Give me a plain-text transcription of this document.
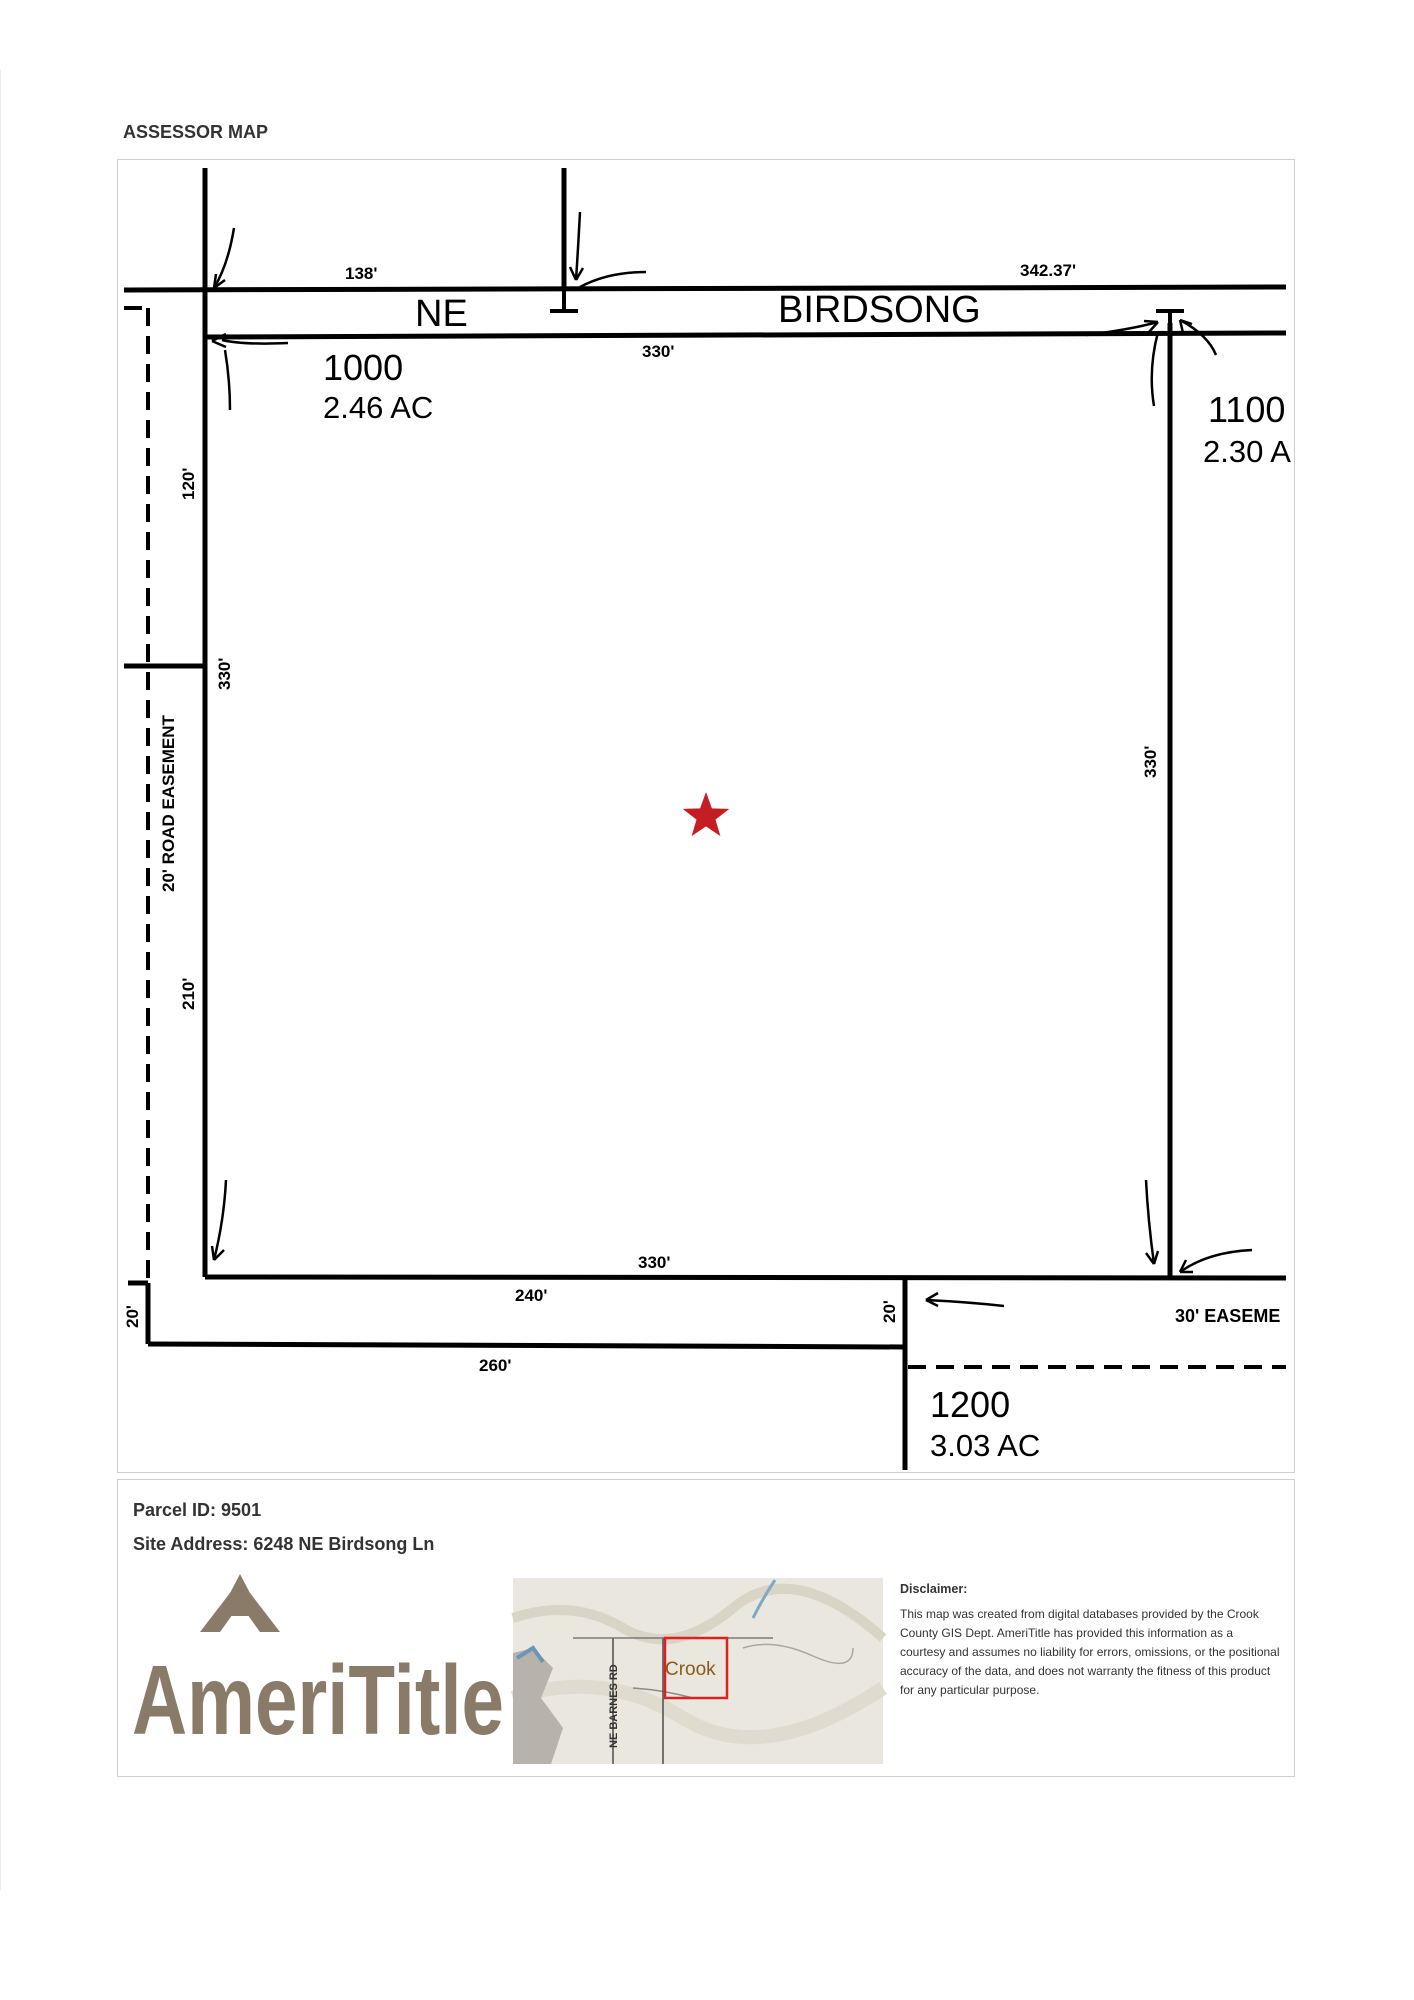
ASSESSOR MAP
NE	BIRDSONG
1000
2.46 AC	1100
2.30 A
1200
3.03 AC
138'	342.37'
330'
330'
240'
260'
120'
330'
210'
330'
20'	20'
20' ROAD EASEMENT
30' EASEME
Parcel ID: 9501
Site Address: 6248 NE Birdsong Ln
AmeriTitle	NE BARNES RD Crook
Disclaimer:
This map was created from digital databases provided by the Crook County GIS Dept. AmeriTitle has provided this information as a courtesy and assumes no liability for errors, omissions, or the positional accuracy of the data, and does not warranty the fitness of this product for any particular purpose.
